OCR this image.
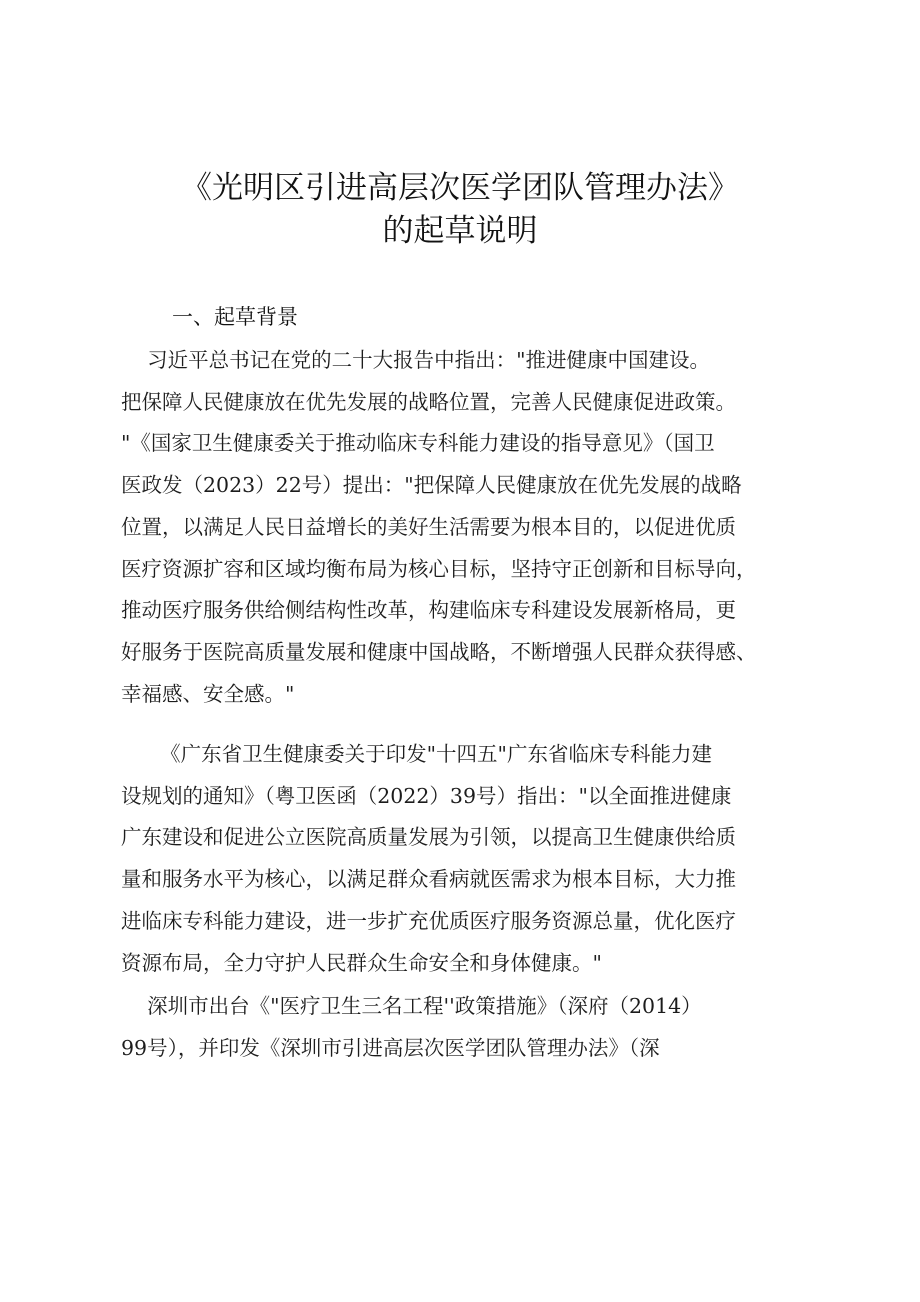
《光明区引进高层次医学团队管理办法》
的起草说明
一、起草背景
习近平总书记在党的二十大报告中指出："推进健康中国建设。
把保障人民健康放在优先发展的战略位置，完善人民健康促进政策。
"《国家卫生健康委关于推动临床专科能力建设的指导意见》（国卫
医政发（2023）22号）提出："把保障人民健康放在优先发展的战略
位置，以满足人民日益增长的美好生活需要为根本目的，以促进优质
医疗资源扩容和区域均衡布局为核心目标，坚持守正创新和目标导向，
推动医疗服务供给侧结构性改革，构建临床专科建设发展新格局，更
好服务于医院高质量发展和健康中国战略，不断增强人民群众获得感、
幸福感、安全感。"
《广东省卫生健康委关于印发"十四五"广东省临床专科能力建
设规划的通知》（粤卫医函（2022）39号）指出："以全面推进健康
广东建设和促进公立医院高质量发展为引领，以提高卫生健康供给质
量和服务水平为核心，以满足群众看病就医需求为根本目标，大力推
进临床专科能力建设，进一步扩充优质医疗服务资源总量，优化医疗
资源布局，全力守护人民群众生命安全和身体健康。"
深圳市出台《"医疗卫生三名工程''政策措施》（深府（2014）
99号），并印发《深圳市引进高层次医学团队管理办法》（深
